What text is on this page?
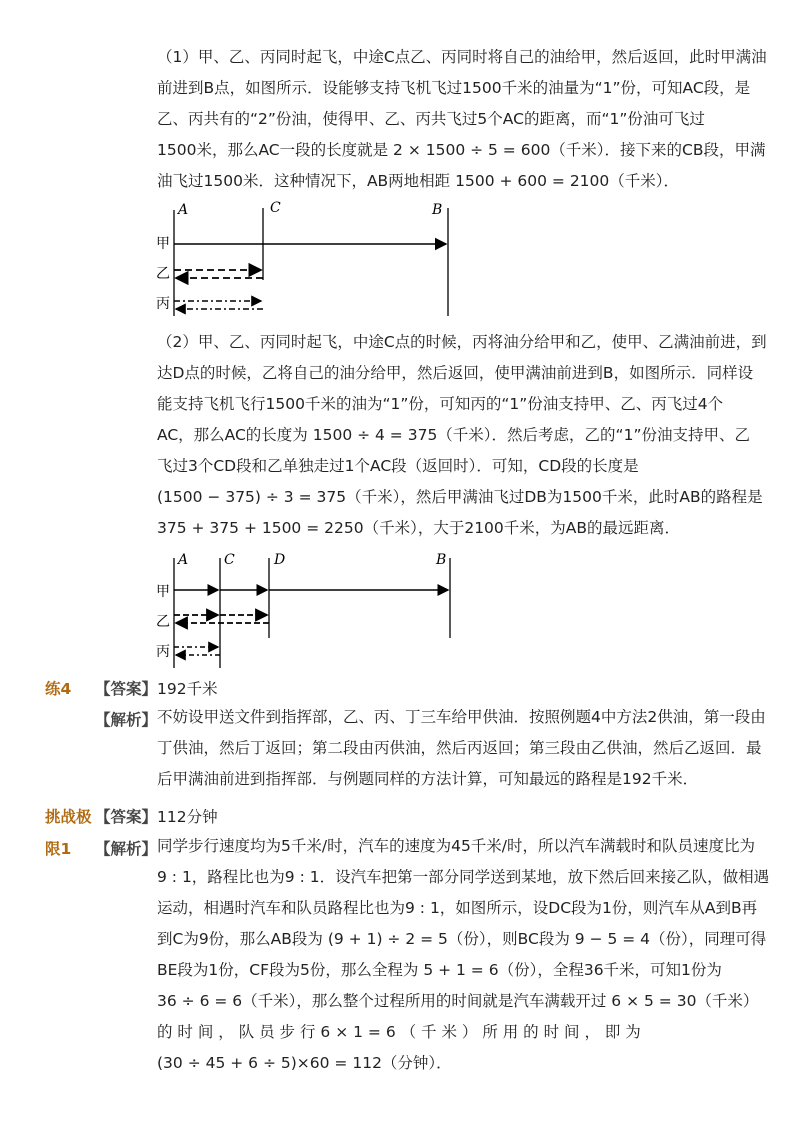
（1）甲、乙、丙同时起飞，中途C点乙、丙同时将自己的油给甲，然后返回，此时甲满油
前进到B点，如图所示．设能够支持飞机飞过1500千米的油量为“1”份，可知AC段，是
乙、丙共有的“2”份油，使得甲、乙、丙共飞过5个AC的距离，而“1”份油可飞过
1500米，那么AC一段的长度就是 2 × 1500 ÷ 5 = 600（千米）．接下来的CB段，甲满
油飞过1500米．这种情况下，AB两地相距 1500 + 600 = 2100（千米）．
A	C	B
甲
乙
丙
（2）甲、乙、丙同时起飞，中途C点的时候，丙将油分给甲和乙，使甲、乙满油前进，到
达D点的时候，乙将自己的油分给甲，然后返回，使甲满油前进到B，如图所示．同样设
能支持飞机飞行1500千米的油为“1”份，可知丙的“1”份油支持甲、乙、丙飞过4个
AC，那么AC的长度为 1500 ÷ 4 = 375（千米）．然后考虑，乙的“1”份油支持甲、乙
飞过3个CD段和乙单独走过1个AC段（返回时）．可知，CD段的长度是
(1500 − 375) ÷ 3 = 375（千米），然后甲满油飞过DB为1500千米，此时AB的路程是
375 + 375 + 1500 = 2250（千米），大于2100千米，为AB的最远距离．
A	C	D	B
甲
乙
丙
练4 【答案】 192千米
【解析】 不妨设甲送文件到指挥部，乙、丙、丁三车给甲供油．按照例题4中方法2供油，第一段由
丁供油，然后丁返回；第二段由丙供油，然后丙返回；第三段由乙供油，然后乙返回．最
后甲满油前进到指挥部．与例题同样的方法计算，可知最远的路程是192千米．
挑战极
限1
【答案】 112分钟
【解析】 同学步行速度均为5千米/时，汽车的速度为45千米/时，所以汽车满载时和队员速度比为
9 : 1，路程比也为9 : 1．设汽车把第一部分同学送到某地，放下然后回来接乙队，做相遇
运动，相遇时汽车和队员路程比也为9 : 1，如图所示，设DC段为1份，则汽车从A到B再
到C为9份，那么AB段为 (9 + 1) ÷ 2 = 5（份），则BC段为 9 − 5 = 4（份），同理可得
BE段为1份，CF段为5份，那么全程为 5 + 1 = 6（份），全程36千米，可知1份为
36 ÷ 6 = 6（千米），那么整个过程所用的时间就是汽车满载开过 6 × 5 = 30（千米）
的 时 间 ， 队 员 步 行 6 × 1 = 6 （ 千 米 ） 所 用 的 时 间 ， 即 为
(30 ÷ 45 + 6 ÷ 5)×60 = 112（分钟）．
